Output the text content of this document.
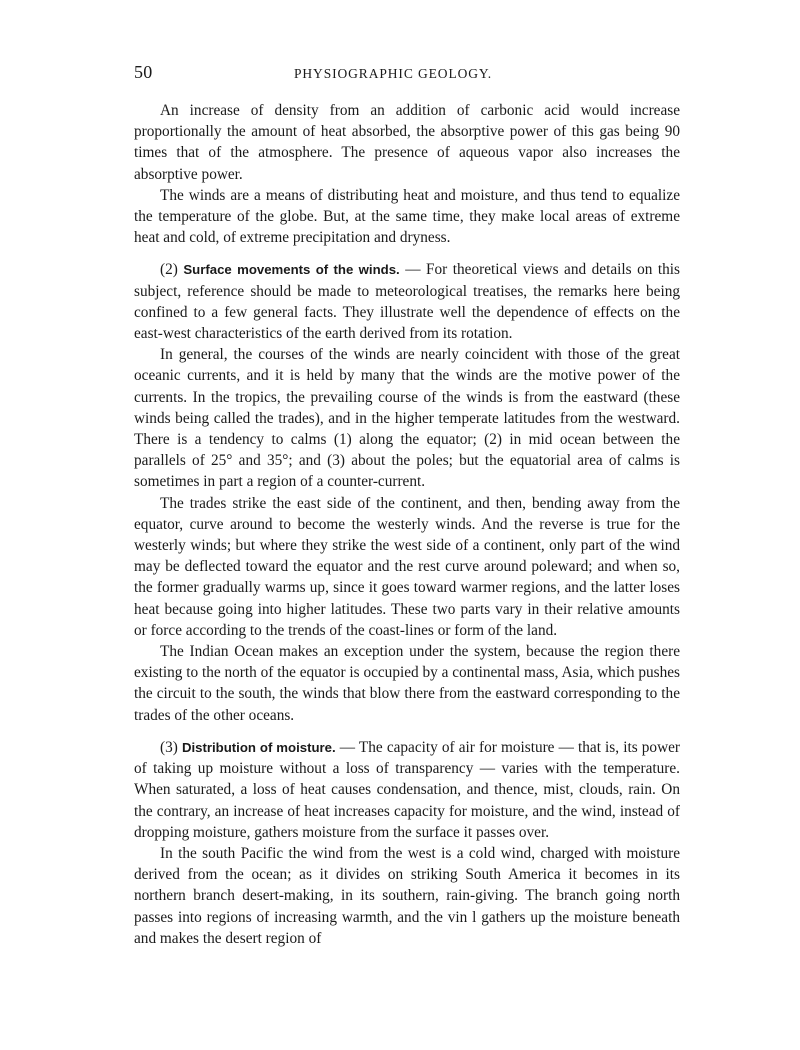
50	PHYSIOGRAPHIC GEOLOGY.

An increase of density from an addition of carbonic acid would increase proportionally the amount of heat absorbed, the absorptive power of this gas being 90 times that of the atmosphere. The presence of aqueous vapor also increases the absorptive power.

The winds are a means of distributing heat and moisture, and thus tend to equalize the temperature of the globe. But, at the same time, they make local areas of extreme heat and cold, of extreme precipitation and dryness.

(2) Surface movements of the winds. — For theoretical views and details on this subject, reference should be made to meteorological treatises, the remarks here being confined to a few general facts. They illustrate well the dependence of effects on the east-west characteristics of the earth derived from its rotation.

In general, the courses of the winds are nearly coincident with those of the great oceanic currents, and it is held by many that the winds are the motive power of the currents. In the tropics, the prevailing course of the winds is from the eastward (these winds being called the trades), and in the higher temperate latitudes from the westward. There is a tendency to calms (1) along the equator; (2) in mid ocean between the parallels of 25° and 35°; and (3) about the poles; but the equatorial area of calms is sometimes in part a region of a counter-current.

The trades strike the east side of the continent, and then, bending away from the equator, curve around to become the westerly winds. And the reverse is true for the westerly winds; but where they strike the west side of a continent, only part of the wind may be deflected toward the equator and the rest curve around poleward; and when so, the former gradually warms up, since it goes toward warmer regions, and the latter loses heat because going into higher latitudes. These two parts vary in their relative amounts or force according to the trends of the coast-lines or form of the land.

The Indian Ocean makes an exception under the system, because the region there existing to the north of the equator is occupied by a continental mass, Asia, which pushes the circuit to the south, the winds that blow there from the eastward corresponding to the trades of the other oceans.

(3) Distribution of moisture. — The capacity of air for moisture — that is, its power of taking up moisture without a loss of transparency — varies with the temperature. When saturated, a loss of heat causes condensation, and thence, mist, clouds, rain. On the contrary, an increase of heat increases capacity for moisture, and the wind, instead of dropping moisture, gathers moisture from the surface it passes over.

In the south Pacific the wind from the west is a cold wind, charged with moisture derived from the ocean; as it divides on striking South America it becomes in its northern branch desert-making, in its southern, rain-giving. The branch going north passes into regions of increasing warmth, and the vin l gathers up the moisture beneath and makes the desert region of
